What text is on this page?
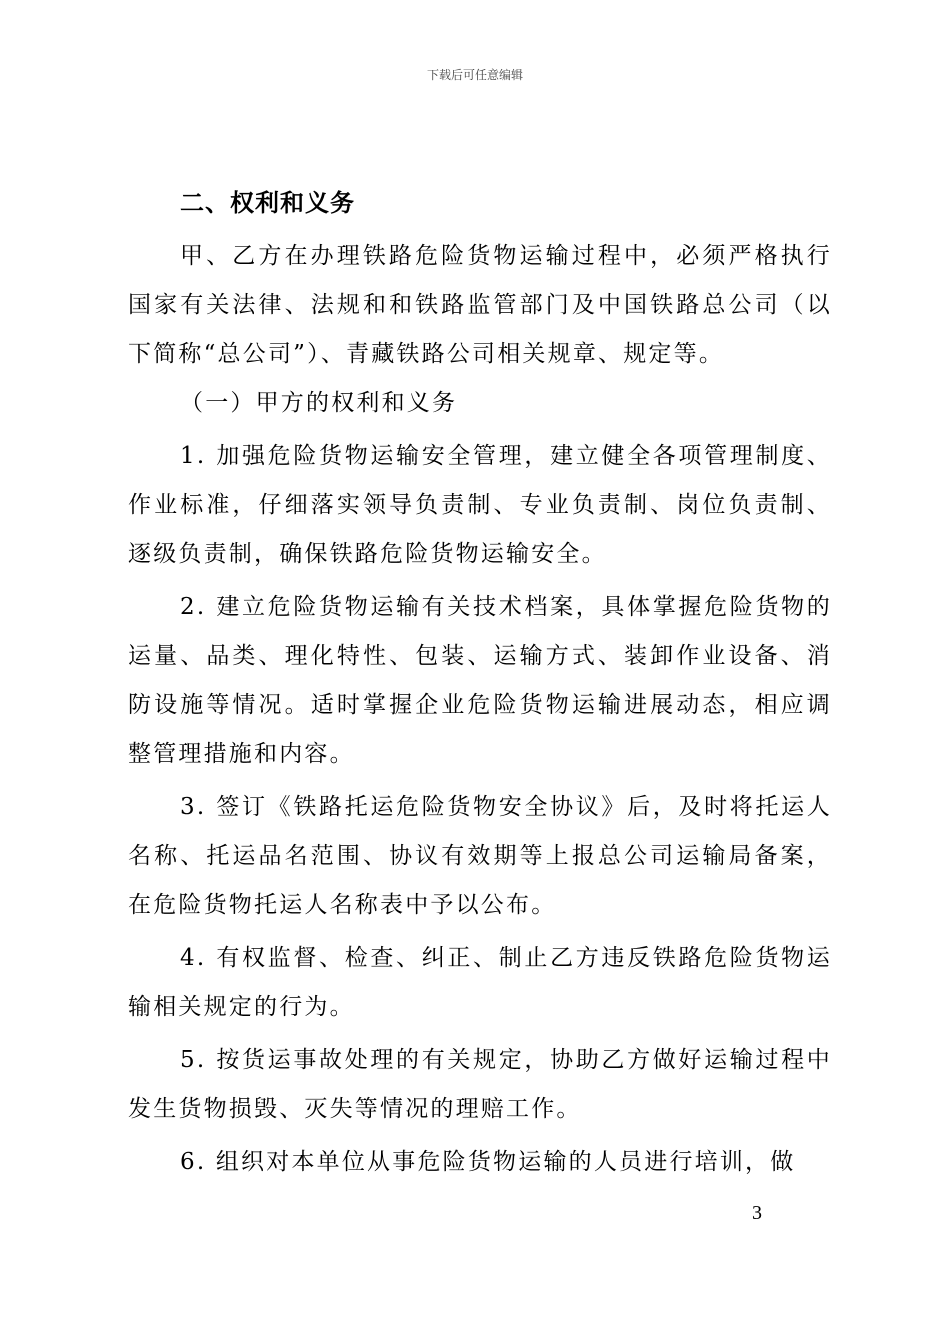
下载后可任意编辑

二、权利和义务

甲、乙方在办理铁路危险货物运输过程中，必须严格执行国家有关法律、法规和和铁路监管部门及中国铁路总公司（以下简称“总公司”）、青藏铁路公司相关规章、规定等。

（一）甲方的权利和义务

1. 加强危险货物运输安全管理，建立健全各项管理制度、作业标准，仔细落实领导负责制、专业负责制、岗位负责制、逐级负责制，确保铁路危险货物运输安全。

2. 建立危险货物运输有关技术档案，具体掌握危险货物的运量、品类、理化特性、包装、运输方式、装卸作业设备、消防设施等情况。适时掌握企业危险货物运输进展动态，相应调整管理措施和内容。

3. 签订《铁路托运危险货物安全协议》后，及时将托运人名称、托运品名范围、协议有效期等上报总公司运输局备案，在危险货物托运人名称表中予以公布。

4. 有权监督、检查、纠正、制止乙方违反铁路危险货物运输相关规定的行为。

5. 按货运事故处理的有关规定，协助乙方做好运输过程中发生货物损毁、灭失等情况的理赔工作。

6. 组织对本单位从事危险货物运输的人员进行培训，做

3
